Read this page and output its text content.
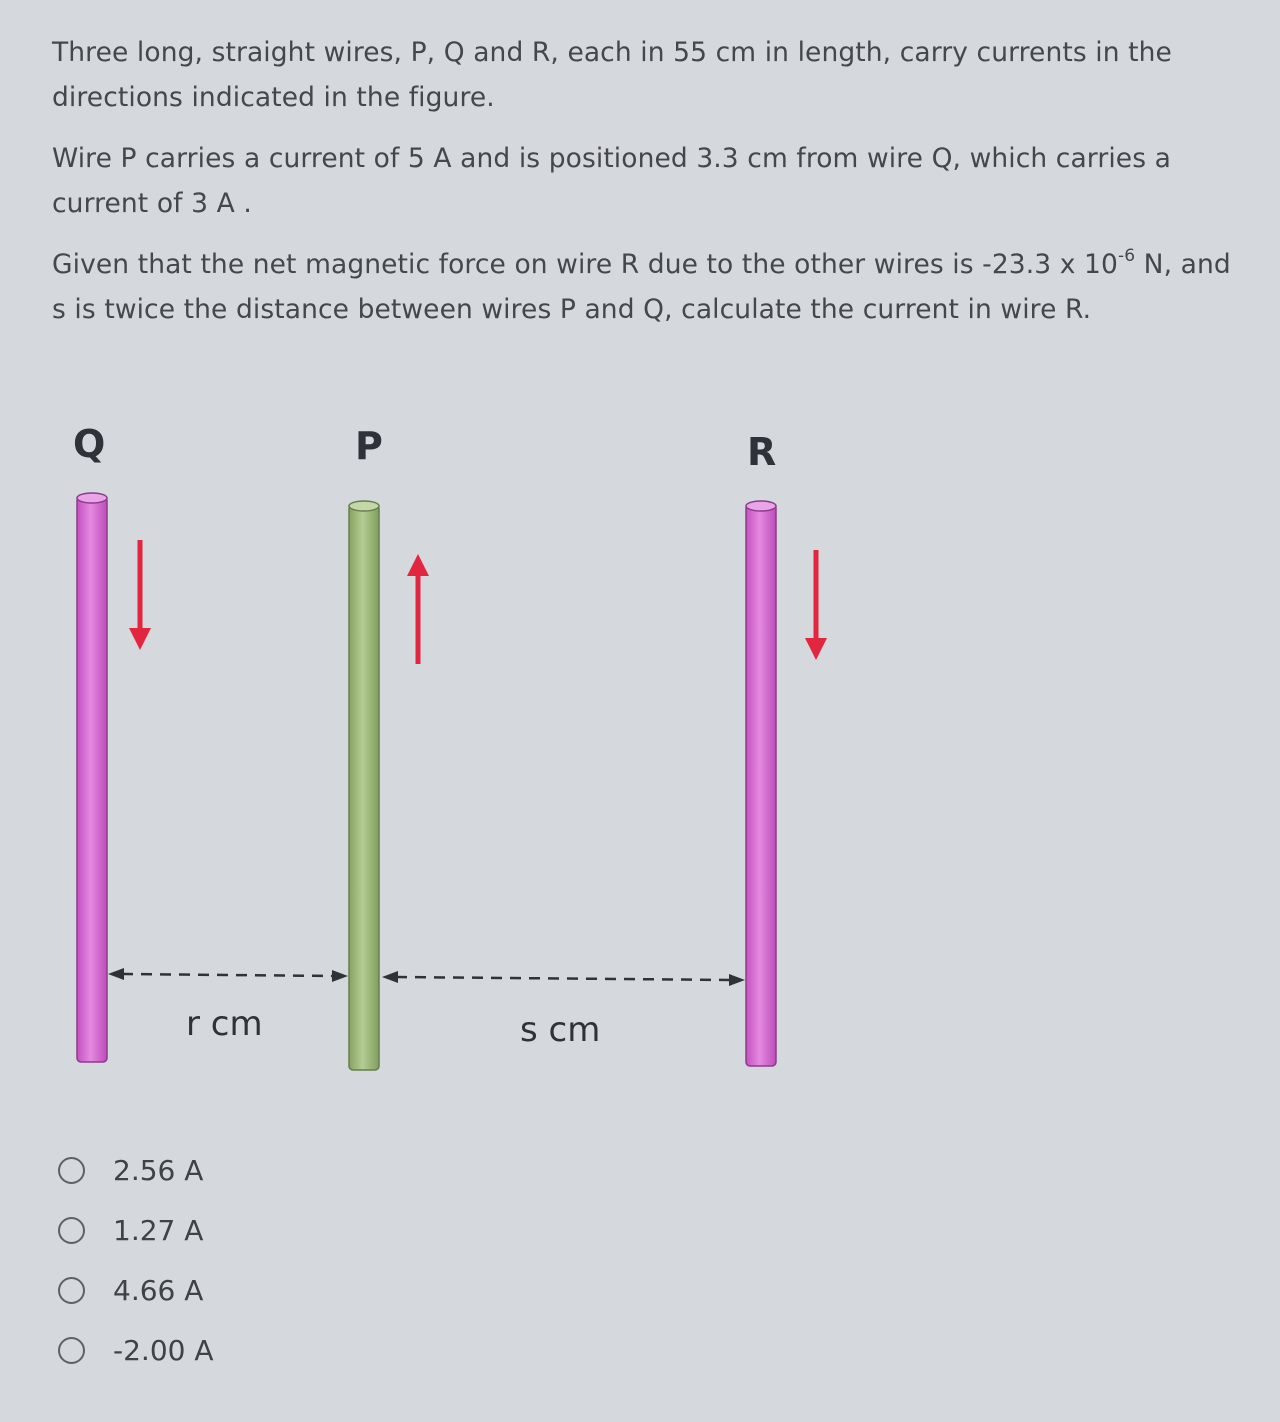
Three long, straight wires, P, Q and R, each in 55 cm in length, carry currents in the directions indicated in the figure.

Wire P carries a current of 5 A and is positioned 3.3 cm from wire Q, which carries a current of 3 A .

Given that the net magnetic force on wire R due to the other wires is -23.3 x $10^{-6}$ N, and s is twice the distance between wires P and Q, calculate the current in wire R.

Q	P	R
r cm	s cm
2.56 A
1.27 A
4.66 A
-2.00 A
